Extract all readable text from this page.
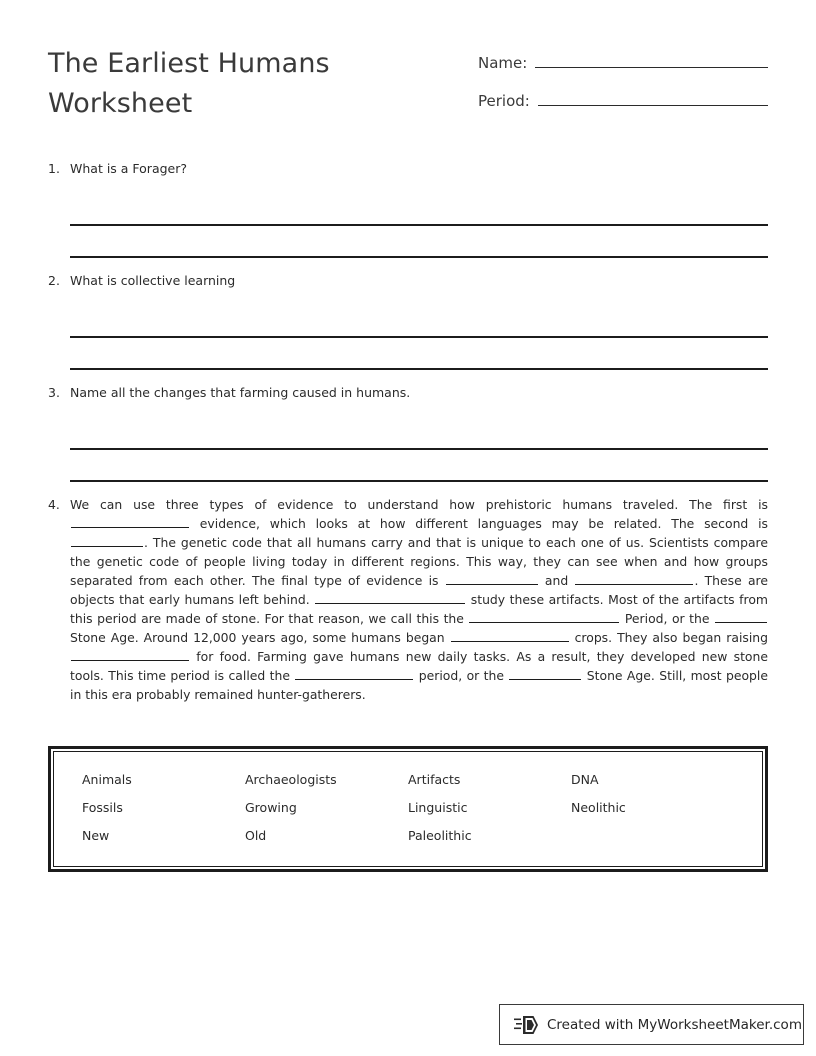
The Earliest Humans Worksheet
Name:
Period:
1. What is a Forager?
2. What is collective learning
3. Name all the changes that farming caused in humans.
4. We can use three types of evidence to understand how prehistoric humans traveled. The first is  evidence, which looks at how different languages may be related. The second is . The genetic code that all humans carry and that is unique to each one of us. Scientists compare the genetic code of people living today in different regions. This way, they can see when and how groups separated from each other. The final type of evidence is	and	. These are objects that early humans left behind.	study these artifacts. Most of the artifacts from this period are made of stone. For that reason, we call this the	Period, or the  Stone Age. Around 12,000 years ago, some humans began	crops. They also began raising  for food. Farming gave humans new daily tasks. As a result, they developed new stone tools. This time period is called the	period, or the	Stone Age. Still, most people in this era probably remained hunter-gatherers.
Animals	Archaeologists	Artifacts	DNA
Fossils	Growing	Linguistic	Neolithic
New	Old	Paleolithic
Created with MyWorksheetMaker.com
